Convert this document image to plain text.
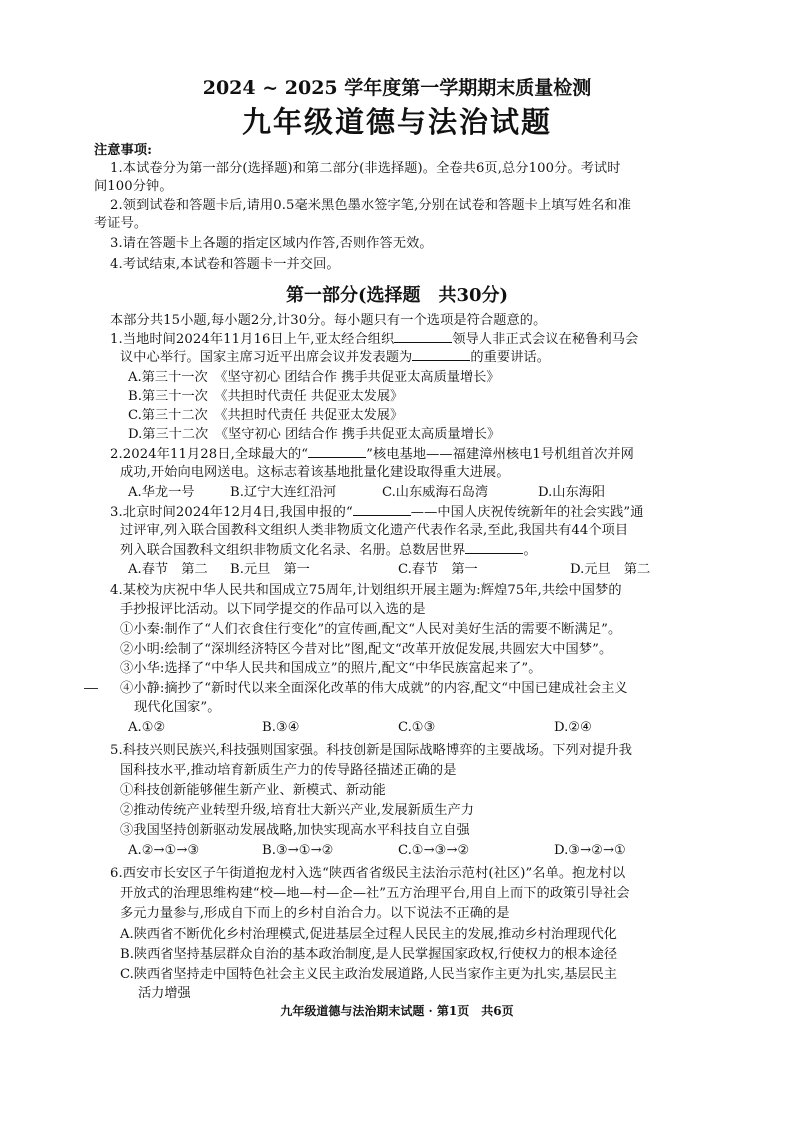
2024 ~ 2025 学年度第一学期期末质量检测
九年级道德与法治试题
注意事项:
1.本试卷分为第一部分(选择题)和第二部分(非选择题)。全卷共6页,总分100分。考试时
间100分钟。
2.领到试卷和答题卡后,请用0.5毫米黑色墨水签字笔,分别在试卷和答题卡上填写姓名和准
考证号。
3.请在答题卡上各题的指定区域内作答,否则作答无效。
4.考试结束,本试卷和答题卡一并交回。
第一部分(选择题　共30分)
本部分共15小题,每小题2分,计30分。每小题只有一个选项是符合题意的。
1.当地时间2024年11月16日上午,亚太经合组织	领导人非正式会议在秘鲁利马会
议中心举行。国家主席习近平出席会议并发表题为	的重要讲话。
A.第三十一次　《坚守初心 团结合作 携手共促亚太高质量增长》
B.第三十一次　《共担时代责任 共促亚太发展》
C.第三十二次　《共担时代责任 共促亚太发展》
D.第三十二次　《坚守初心 团结合作 携手共促亚太高质量增长》
2.2024年11月28日,全球最大的“	”核电基地——福建漳州核电1号机组首次并网
成功,开始向电网送电。这标志着该基地批量化建设取得重大进展。
A.华龙一号	B.辽宁大连红沿河	C.山东威海石岛湾	D.山东海阳
3.北京时间2024年12月4日,我国申报的“	——中国人庆祝传统新年的社会实践”通
过评审,列入联合国教科文组织人类非物质文化遗产代表作名录,至此,我国共有44个项目
列入联合国教科文组织非物质文化名录、名册。总数居世界	。
A.春节　第二 B.元旦　第一	C.春节　第一	D.元旦　第二
4.某校为庆祝中华人民共和国成立75周年,计划组织开展主题为:辉煌75年,共绘中国梦的
手抄报评比活动。以下同学提交的作品可以入选的是
①小秦:制作了“人们衣食住行变化”的宣传画,配文“人民对美好生活的需要不断满足”。
②小明:绘制了“深圳经济特区今昔对比”图,配文“改革开放促发展,共圆宏大中国梦”。
③小华:选择了“中华人民共和国成立”的照片,配文“中华民族富起来了”。
④小静:摘抄了“新时代以来全面深化改革的伟大成就”的内容,配文“中国已建成社会主义
现代化国家”。
A.①②	B.③④	C.①③	D.②④
5.科技兴则民族兴,科技强则国家强。科技创新是国际战略博弈的主要战场。下列对提升我
国科技水平,推动培育新质生产力的传导路径描述正确的是
①科技创新能够催生新产业、新模式、新动能
②推动传统产业转型升级,培育壮大新兴产业,发展新质生产力
③我国坚持创新驱动发展战略,加快实现高水平科技自立自强
A.②→①→③	B.③→①→②	C.①→③→②	D.③→②→①
6.西安市长安区子午街道抱龙村入选“陕西省省级民主法治示范村(社区)”名单。抱龙村以
开放式的治理思维构建“校—地—村—企—社”五方治理平台,用自上而下的政策引导社会
多元力量参与,形成自下而上的乡村自治合力。以下说法不正确的是
A.陕西省不断优化乡村治理模式,促进基层全过程人民民主的发展,推动乡村治理现代化
B.陕西省坚持基层群众自治的基本政治制度,是人民掌握国家政权,行使权力的根本途径
C.陕西省坚持走中国特色社会主义民主政治发展道路,人民当家作主更为扎实,基层民主
活力增强
九年级道德与法治期末试题 · 第1页　共6页
